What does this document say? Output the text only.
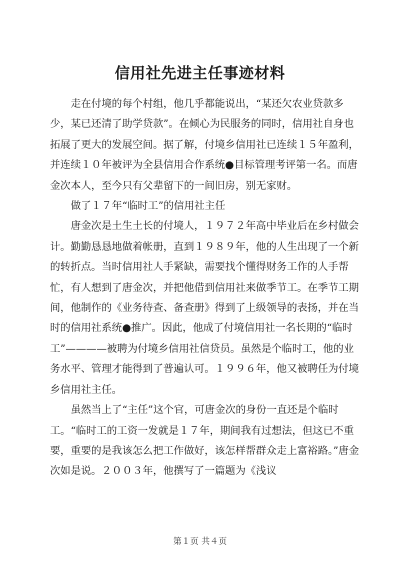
信用社先进主任事迹材料

走在付境的每个村组，他几乎都能说出，“某还欠农业贷款多少，某已还清了助学贷款”。在倾心为民服务的同时，信用社自身也拓展了更大的发展空间。据了解，付境乡信用社已连续１５年盈利，并连续１０年被评为全县信用合作系统●目标管理考评第一名。而唐金次本人，至今只有父辈留下的一间旧房，别无家财。

做了１７年“临时工”的信用社主任

唐金次是土生土长的付境人，１９７２年高中毕业后在乡村做会计。勤勤恳恳地做着帐册，直到１９８９年，他的人生出现了一个新的转折点。当时信用社人手紧缺，需要找个懂得财务工作的人手帮忙，有人想到了唐金次，并把他借到信用社来做季节工。在季节工期间，他制作的《业务待查、备查册》得到了上级领导的表扬，并在当时的信用社系统●推广。因此，他成了付境信用社一名长期的“临时工”————被聘为付境乡信用社信贷员。虽然是个临时工，他的业务水平、管理才能得到了普遍认可。１９９６年，他又被聘任为付境乡信用社主任。

虽然当上了“主任”这个官，可唐金次的身份一直还是个临时工。“临时工的工资一发就是１７年，期间我有过想法，但这已不重要，重要的是我该怎么把工作做好，该怎样帮群众走上富裕路。”唐金次如是说。２００３年，他撰写了一篇题为《浅议

第１页 共４页
